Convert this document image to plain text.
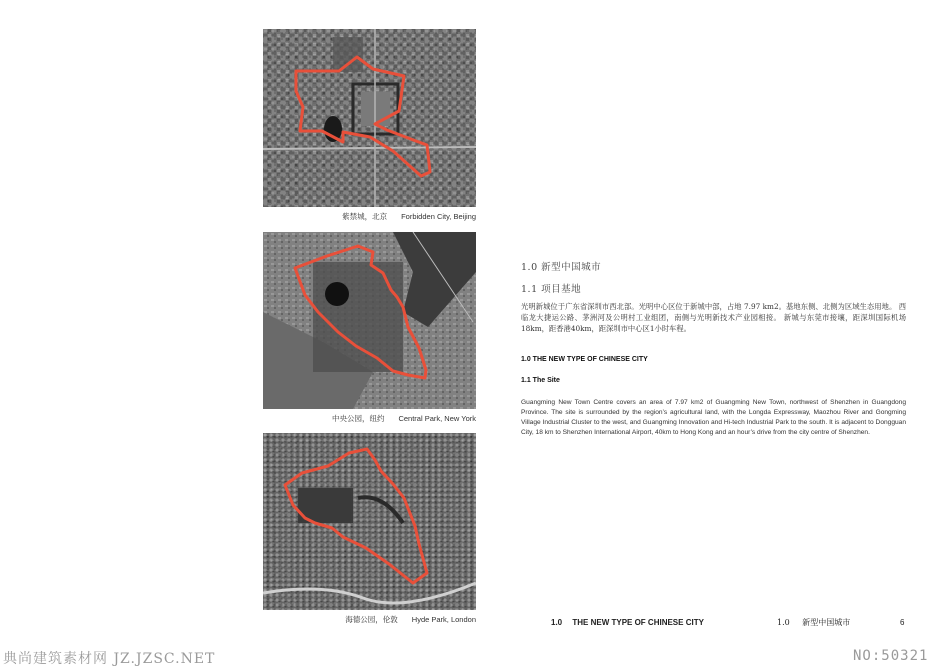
紫禁城，北京 Forbidden City, Beijing
中央公园，纽约 Central Park, New York
海德公园，伦敦 Hyde Park, London
1.0 新型中国城市
1.1 项目基地
光明新城位于广东省深圳市西北部。光明中心区位于新城中部，占地 7.97 km2。基地东侧、北侧为区域生态用地。 西临龙大捷运公路、茅洲河及公明村工业组团，南侧与光明新技术产业园相接。 新城与东莞市接壤，距深圳国际机场18km，距香港40km，距深圳市中心区1小时车程。
1.0 THE NEW TYPE OF CHINESE CITY
1.1 The Site
Guangming New Town Centre covers an area of 7.97 km2 of Guangming New Town, northwest of Shenzhen in Guangdong Province. The site is surrounded by the region’s agricultural land, with the Longda Expressway, Maozhou River and Gongming Village Industrial Cluster to the west, and Guangming Innovation and Hi-tech Industrial Park to the south. It is adjacent to Dongguan City, 18 km to Shenzhen International Airport, 40km to Hong Kong and an hour’s drive from the city centre of Shenzhen.
1.0 THE NEW TYPE OF CHINESE CITY	1.0 新型中国城市	6
典尚建筑素材网 JZ.JZSC.NET	NO:50321
